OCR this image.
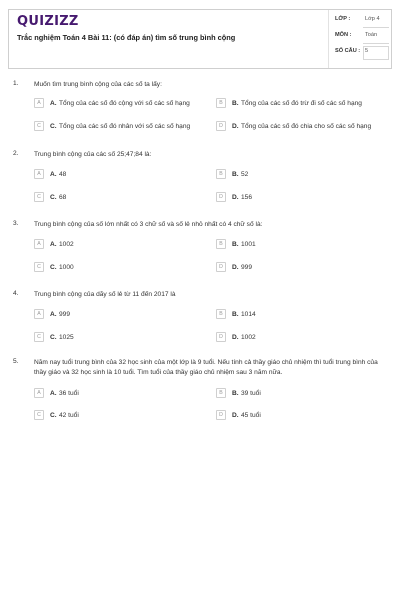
QUIZIZZ
Trắc nghiệm Toán 4 Bài 11: (có đáp án) tìm số trung bình cộng
LỚP :	Lớp 4
MÔN : Toán
SỐ CÂU : 5
1. Muốn tìm trung bình cộng của các số ta lấy:
A	A. Tổng của các số đó cộng với số các số hạng	B	B. Tổng của các số đó trừ đi số các số hạng
C	C. Tổng của các số đó nhân với số các số hạng	D	D. Tổng của các số đó chia cho số các số hạng
2. Trung bình cộng của các số 25;47;84 là:
A	A. 48	B	B. 52
C	C. 68	D	D. 156
3. Trung bình cộng của số lớn nhất có 3 chữ số và số lẻ nhỏ nhất có 4 chữ số là:
A	A. 1002	B	B. 1001
C	C. 1000	D	D. 999
4. Trung bình cộng của dãy số lẻ từ 11 đến 2017 là
A	A. 999	B	B. 1014
C	C. 1025	D	D. 1002
5. Năm nay tuổi trung bình của 32 học sinh của một lớp là 9 tuổi. Nếu tính cả thầy giáo chủ nhiệm thì tuổi trung bình của thầy giáo và 32 học sinh là 10 tuổi. Tìm tuổi của thầy giáo chủ nhiệm sau 3 năm nữa.
A	A. 36 tuổi	B	B. 39 tuổi
C	C. 42 tuổi	D	D. 45 tuổi
